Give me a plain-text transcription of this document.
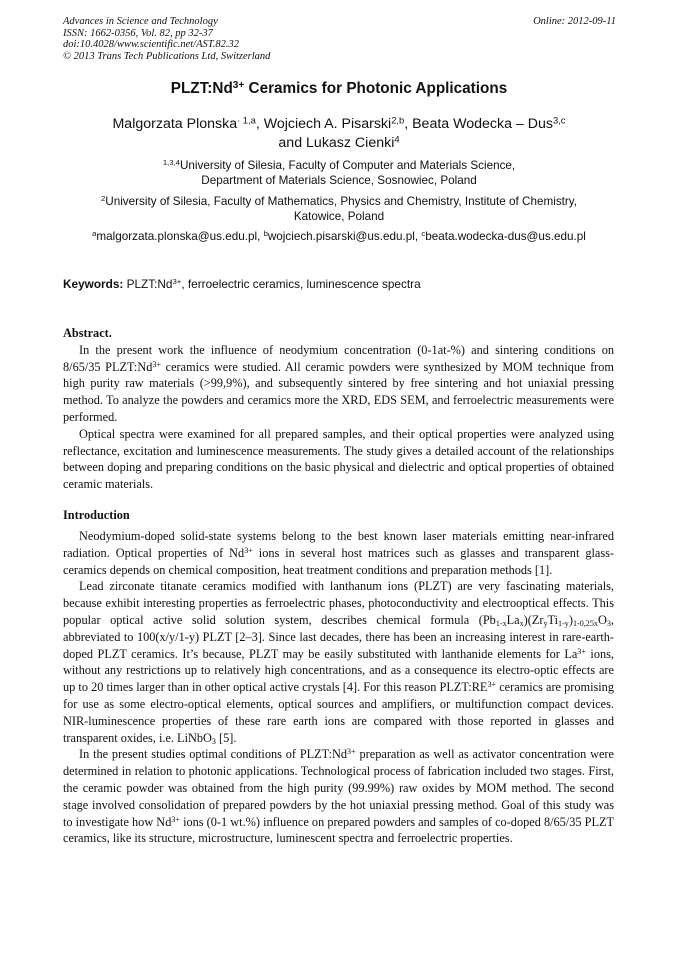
Advances in Science and Technology
ISSN: 1662-0356, Vol. 82, pp 32-37
doi:10.4028/www.scientific.net/AST.82.32
© 2013 Trans Tech Publications Ltd, Switzerland
Online: 2012-09-11
$PLZT:Nd^{3+}$ Ceramics for Photonic Applications
Malgorzata Plonska$^{\cdot 1,a}$, Wojciech A. Pisarski$^{2,b}$, Beata Wodecka – Dus$^{3,c}$
and Lukasz Cienki$^4$
$^{1,3,4}$University of Silesia, Faculty of Computer and Materials Science,
Department of Materials Science, Sosnowiec, Poland
$^2$University of Silesia, Faculty of Mathematics, Physics and Chemistry, Institute of Chemistry,
Katowice, Poland
$^a$malgorzata.plonska@us.edu.pl, $^b$wojciech.pisarski@us.edu.pl, $^c$beata.wodecka-dus@us.edu.pl
Keywords: $PLZT:Nd^{3+}$, ferroelectric ceramics, luminescence spectra
Abstract.

In the present work the influence of neodymium concentration (0-1at-%) and sintering conditions on 8/65/35 $PLZT:Nd^{3+}$ ceramics were studied. All ceramic powders were synthesized by MOM technique from high purity raw materials (>99,9%), and subsequently sintered by free sintering and hot uniaxial pressing method. To analyze the powders and ceramics more the XRD, EDS SEM, and ferroelectric measurements were performed.

Optical spectra were examined for all prepared samples, and their optical properties were analyzed using reflectance, excitation and luminescence measurements. The study gives a detailed account of the relationships between doping and preparing conditions on the basic physical and dielectric and optical properties of obtained ceramic materials.

Introduction

Neodymium-doped solid-state systems belong to the best known laser materials emitting near-infrared radiation. Optical properties of $Nd^{3+}$ ions in several host matrices such as glasses and transparent glass-ceramics depends on chemical composition, heat treatment conditions and preparation methods [1].

Lead zirconate titanate ceramics modified with lanthanum ions (PLZT) are very fascinating materials, because exhibit interesting properties as ferroelectric phases, photoconductivity and electrooptical effects. This popular optical active solid solution system, describes chemical formula $(Pb_{1-x}La_x)(Zr_yTi_{1-y})_{1-0,25x}O_3$, abbreviated to 100(x/y/1-y) PLZT [2–3]. Since last decades, there has been an increasing interest in rare-earth-doped PLZT ceramics. It’s because, PLZT may be easily substituted with lanthanide elements for $La^{3+}$ ions, without any restrictions up to relatively high concentrations, and as a consequence its electro-optic effects are up to 20 times larger than in other optical active crystals [4]. For this reason $PLZT:RE^{3+}$ ceramics are promising for use as some electro-optical elements, optical sources and amplifiers, or multifunction compact devices. NIR-luminescence properties of these rare earth ions are compared with those reported in glasses and transparent oxides, i.e. LiNbO$_3$ [5].

In the present studies optimal conditions of $PLZT:Nd^{3+}$ preparation as well as activator concentration were determined in relation to photonic applications. Technological process of fabrication included two stages. First, the ceramic powder was obtained from the high purity (99.99%) raw oxides by MOM method. The second stage involved consolidation of prepared powders by the hot uniaxial pressing method. Goal of this study was to investigate how $Nd^{3+}$ ions (0-1 wt.%) influence on prepared powders and samples of co-doped 8/65/35 PLZT ceramics, like its structure, microstructure, luminescent spectra and ferroelectric properties.
